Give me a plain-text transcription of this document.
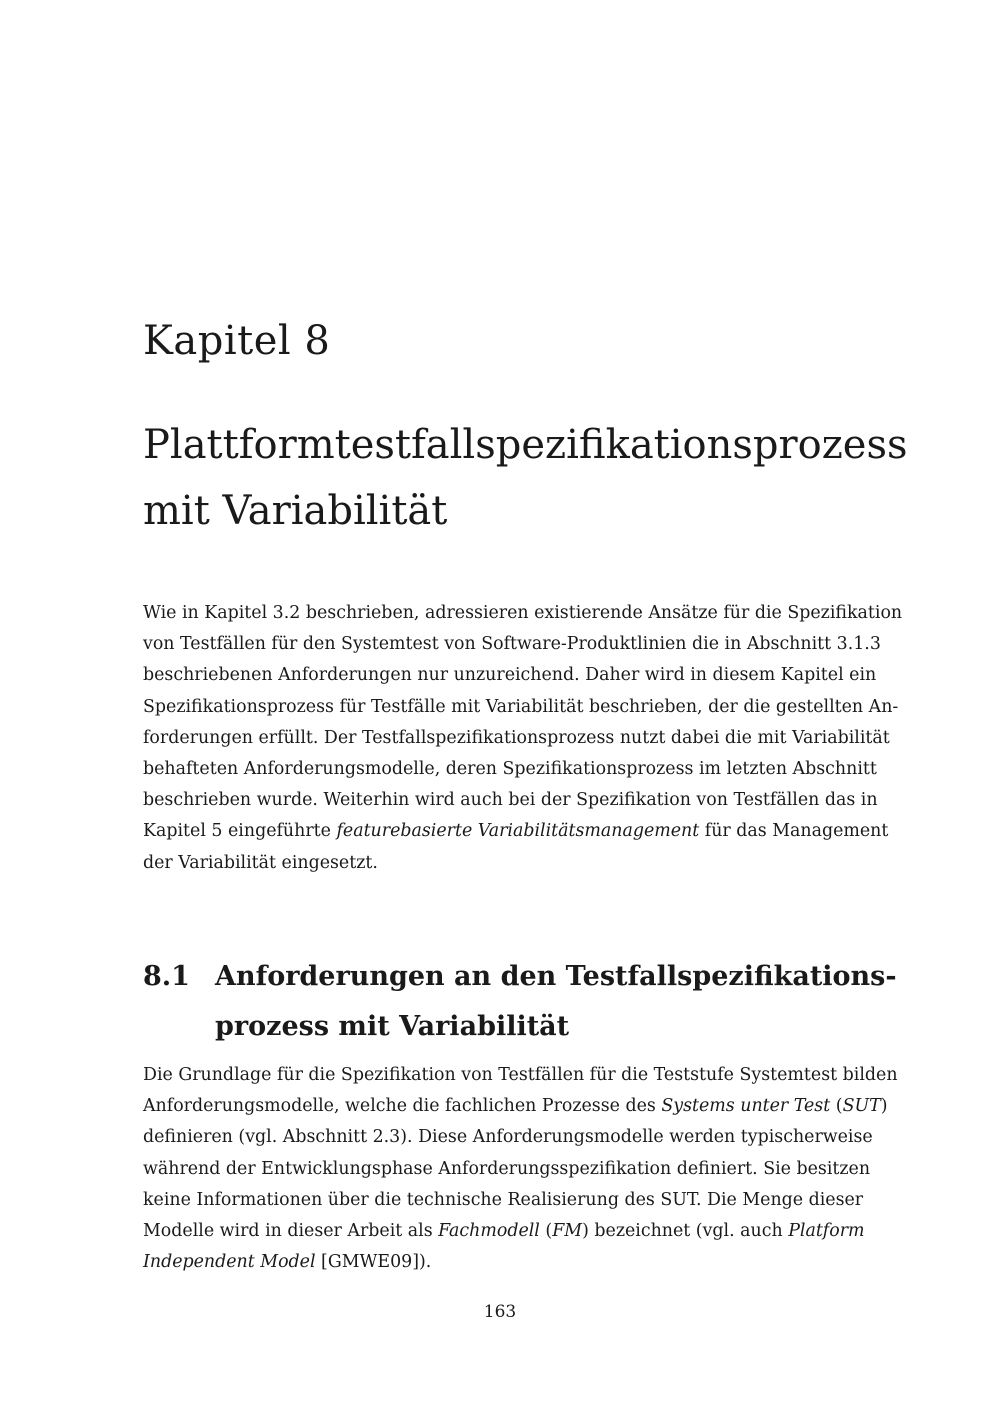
Kapitel 8
Plattformtestfallspezifikationsprozess
mit Variabilität

Wie in Kapitel 3.2 beschrieben, adressieren existierende Ansätze für die Spezifikation
von Testfällen für den Systemtest von Software-Produktlinien die in Abschnitt 3.1.3
beschriebenen Anforderungen nur unzureichend. Daher wird in diesem Kapitel ein
Spezifikationsprozess für Testfälle mit Variabilität beschrieben, der die gestellten An-
forderungen erfüllt. Der Testfallspezifikationsprozess nutzt dabei die mit Variabilität
behafteten Anforderungsmodelle, deren Spezifikationsprozess im letzten Abschnitt
beschrieben wurde. Weiterhin wird auch bei der Spezifikation von Testfällen das in
Kapitel 5 eingeführte featurebasierte Variabilitätsmanagement für das Management
der Variabilität eingesetzt.

8.1 Anforderungen an den Testfallspezifikations-
prozess mit Variabilität

Die Grundlage für die Spezifikation von Testfällen für die Teststufe Systemtest bilden
Anforderungsmodelle, welche die fachlichen Prozesse des Systems unter Test (SUT)
definieren (vgl. Abschnitt 2.3). Diese Anforderungsmodelle werden typischerweise
während der Entwicklungsphase Anforderungsspezifikation definiert. Sie besitzen
keine Informationen über die technische Realisierung des SUT. Die Menge dieser
Modelle wird in dieser Arbeit als Fachmodell (FM) bezeichnet (vgl. auch Platform
Independent Model [GMWE09]).

163
